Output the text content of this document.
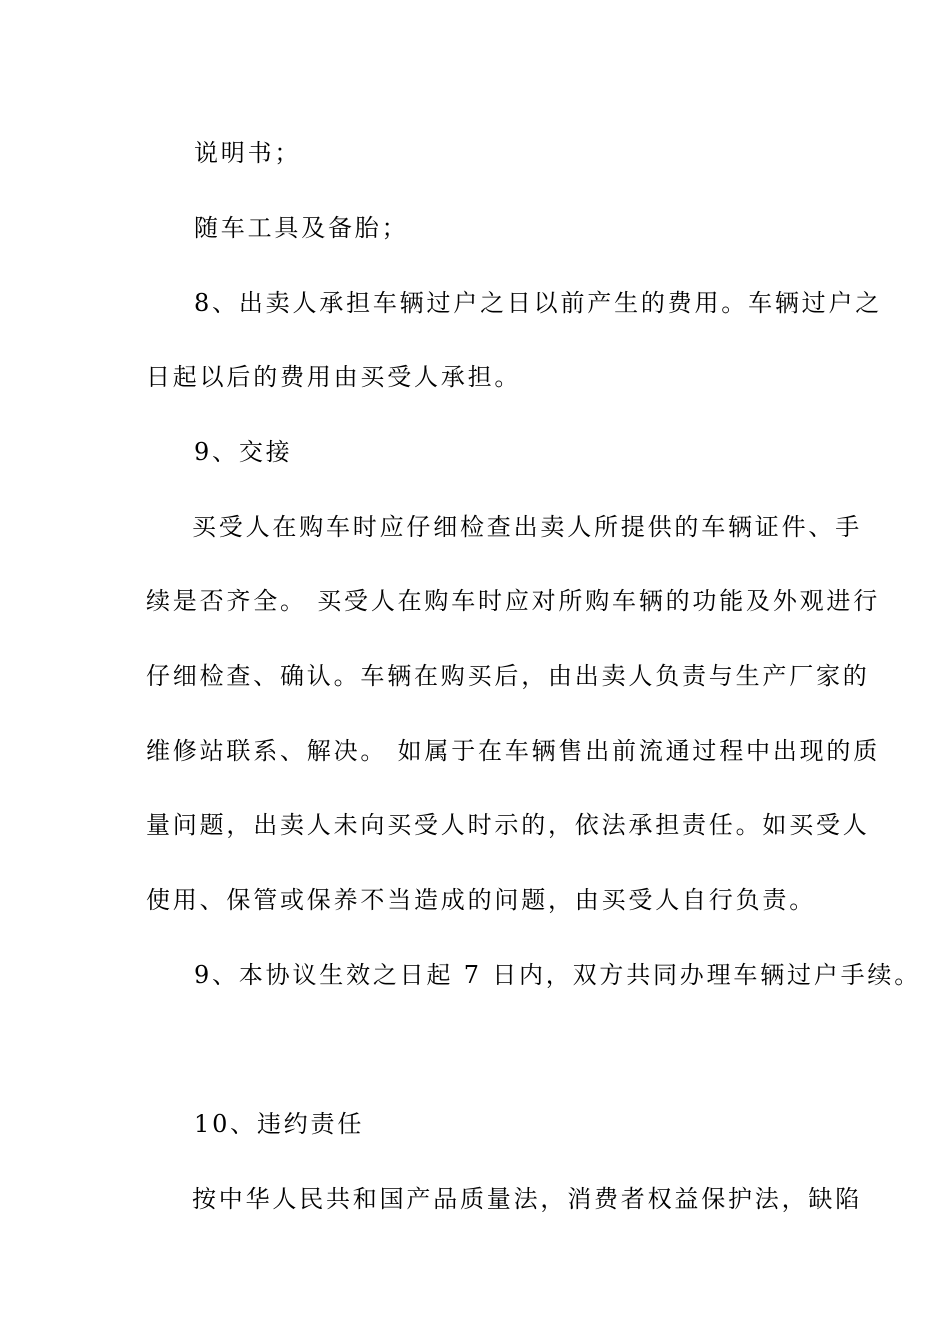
说明书；
随车工具及备胎；
8、出卖人承担车辆过户之日以前产生的费用。车辆过户之
日起以后的费用由买受人承担。
9、交接
买受人在购车时应仔细检查出卖人所提供的车辆证件、手
续是否齐全。 买受人在购车时应对所购车辆的功能及外观进行
仔细检查、确认。车辆在购买后，由出卖人负责与生产厂家的
维修站联系、解决。 如属于在车辆售出前流通过程中出现的质
量问题，出卖人未向买受人时示的，依法承担责任。如买受人
使用、保管或保养不当造成的问题，由买受人自行负责。
9、本协议生效之日起 7 日内，双方共同办理车辆过户手续。
10、违约责任
按中华人民共和国产品质量法，消费者权益保护法，缺陷
